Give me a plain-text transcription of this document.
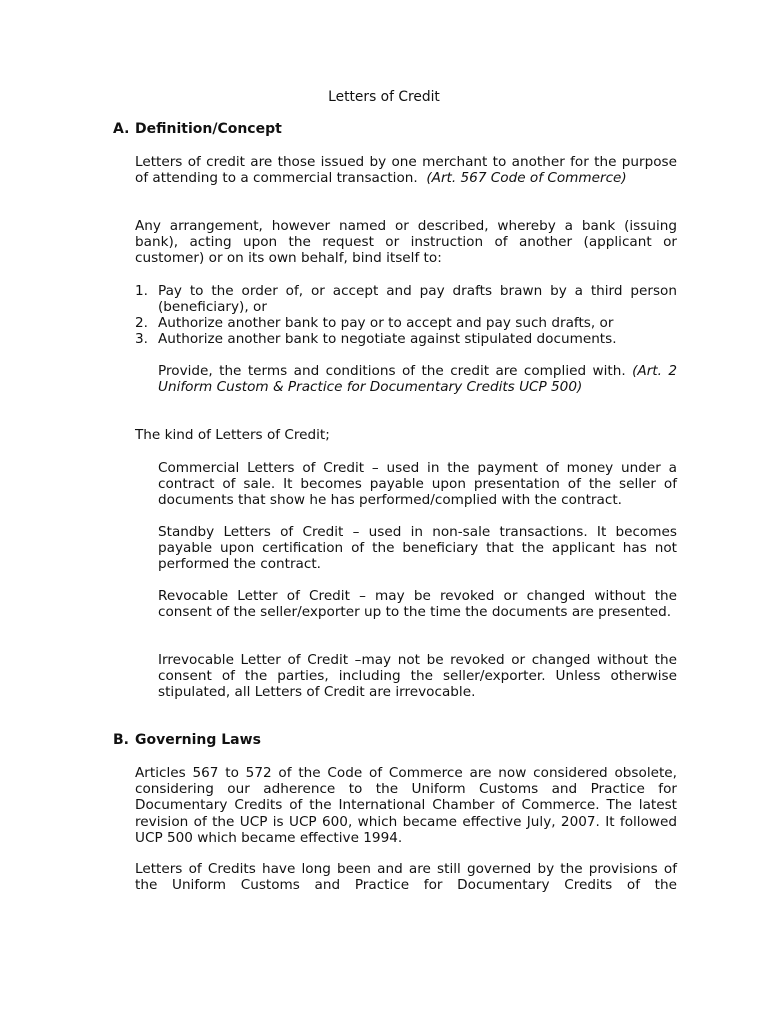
Letters of Credit
A. Definition/Concept
Letters of credit are those issued by one merchant to another for the purpose of attending to a commercial transaction. (Art. 567 Code of Commerce)
Any arrangement, however named or described, whereby a bank (issuing bank), acting upon the request or instruction of another (applicant or customer) or on its own behalf, bind itself to:
1. Pay to the order of, or accept and pay drafts brawn by a third person (beneficiary), or
2. Authorize another bank to pay or to accept and pay such drafts, or
3. Authorize another bank to negotiate against stipulated documents.
Provide, the terms and conditions of the credit are complied with. (Art. 2 Uniform Custom & Practice for Documentary Credits UCP 500)
The kind of Letters of Credit;
Commercial Letters of Credit – used in the payment of money under a contract of sale. It becomes payable upon presentation of the seller of documents that show he has performed/complied with the contract.
Standby Letters of Credit – used in non-sale transactions. It becomes payable upon certification of the beneficiary that the applicant has not performed the contract.
Revocable Letter of Credit – may be revoked or changed without the consent of the seller/exporter up to the time the documents are presented.
Irrevocable Letter of Credit –may not be revoked or changed without the consent of the parties, including the seller/exporter. Unless otherwise stipulated, all Letters of Credit are irrevocable.
B. Governing Laws
Articles 567 to 572 of the Code of Commerce are now considered obsolete, considering our adherence to the Uniform Customs and Practice for Documentary Credits of the International Chamber of Commerce. The latest revision of the UCP is UCP 600, which became effective July, 2007. It followed UCP 500 which became effective 1994.
Letters of Credits have long been and are still governed by the provisions of the Uniform Customs and Practice for Documentary Credits of the
